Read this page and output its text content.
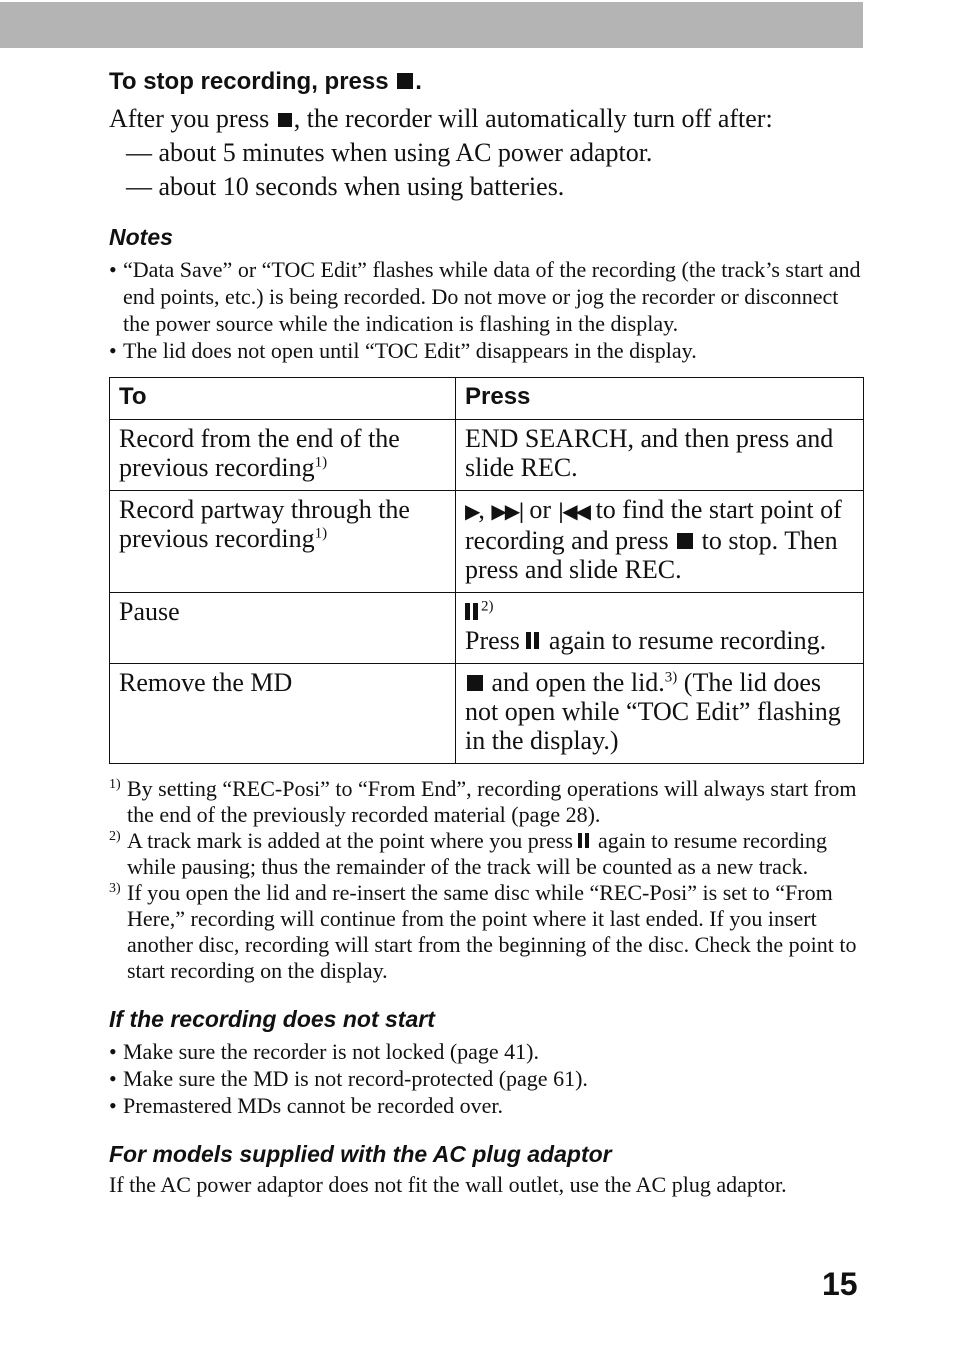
To stop recording, press .

After you press , the recorder will automatically turn off after:

— about 5 minutes when using AC power adaptor.
— about 10 seconds when using batteries.
Notes
• “Data Save” or “TOC Edit” flashes while data of the recording (the track’s start and end points, etc.) is being recorded. Do not move or jog the recorder or disconnect the power source while the indication is flashing in the display.
• The lid does not open until “TOC Edit” disappears in the display.
To	Press
Record from the end of the previous recording$^{1)}$	END SEARCH, and then press and slide REC.
Record partway through the previous recording$^{1)}$	▶, ▶▶| or |◀◀ to find the start point of recording and press  to stop. Then press and slide REC.
Pause	$^{2)}$
Press  again to resume recording.
Remove the MD	and open the lid.$^{3)}$ (The lid does not open while “TOC Edit” flashing in the display.)
1) By setting “REC-Posi” to “From End”, recording operations will always start from the end of the previously recorded material (page 28).
2) A track mark is added at the point where you press  again to resume recording while pausing; thus the remainder of the track will be counted as a new track.
3) If you open the lid and re-insert the same disc while “REC-Posi” is set to “From Here,” recording will continue from the point where it last ended. If you insert another disc, recording will start from the beginning of the disc. Check the point to start recording on the display.
If the recording does not start
• Make sure the recorder is not locked (page 41).
• Make sure the MD is not record-protected (page 61).
• Premastered MDs cannot be recorded over.
For models supplied with the AC plug adaptor

If the AC power adaptor does not fit the wall outlet, use the AC plug adaptor.

15
